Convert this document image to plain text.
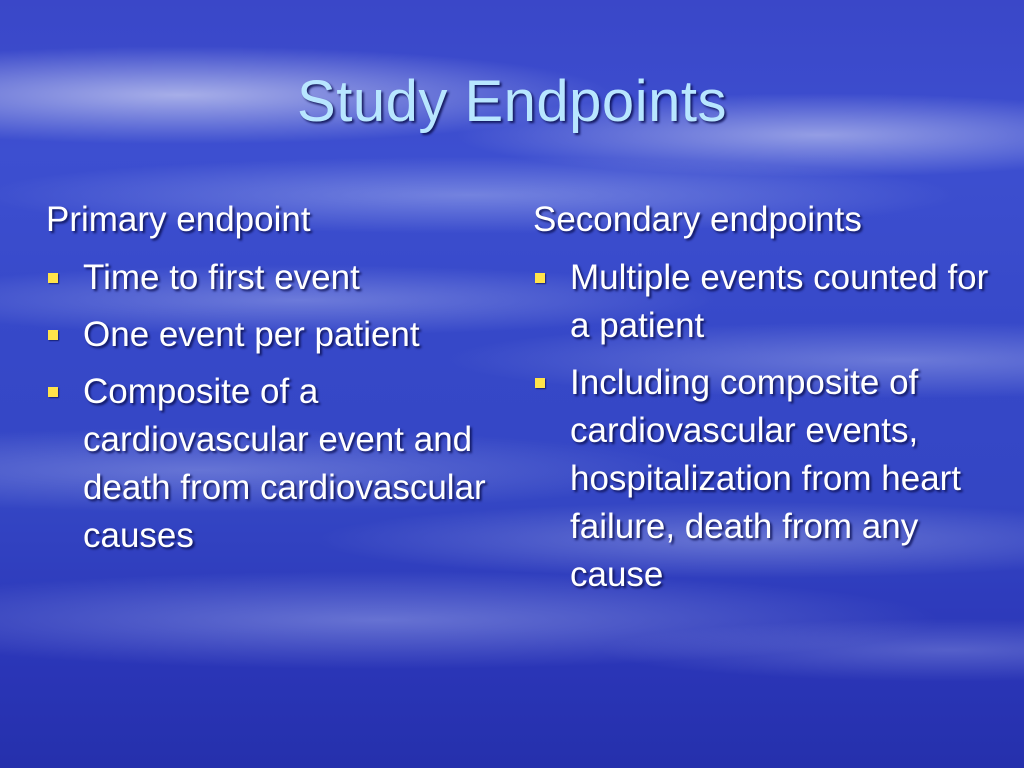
Study Endpoints
Primary endpoint
Time to first event
One event per patient
Composite of a cardiovascular event and death from cardiovascular causes
Secondary endpoints
Multiple events counted for a patient
Including composite of cardiovascular events, hospitalization from heart failure, death from any cause
